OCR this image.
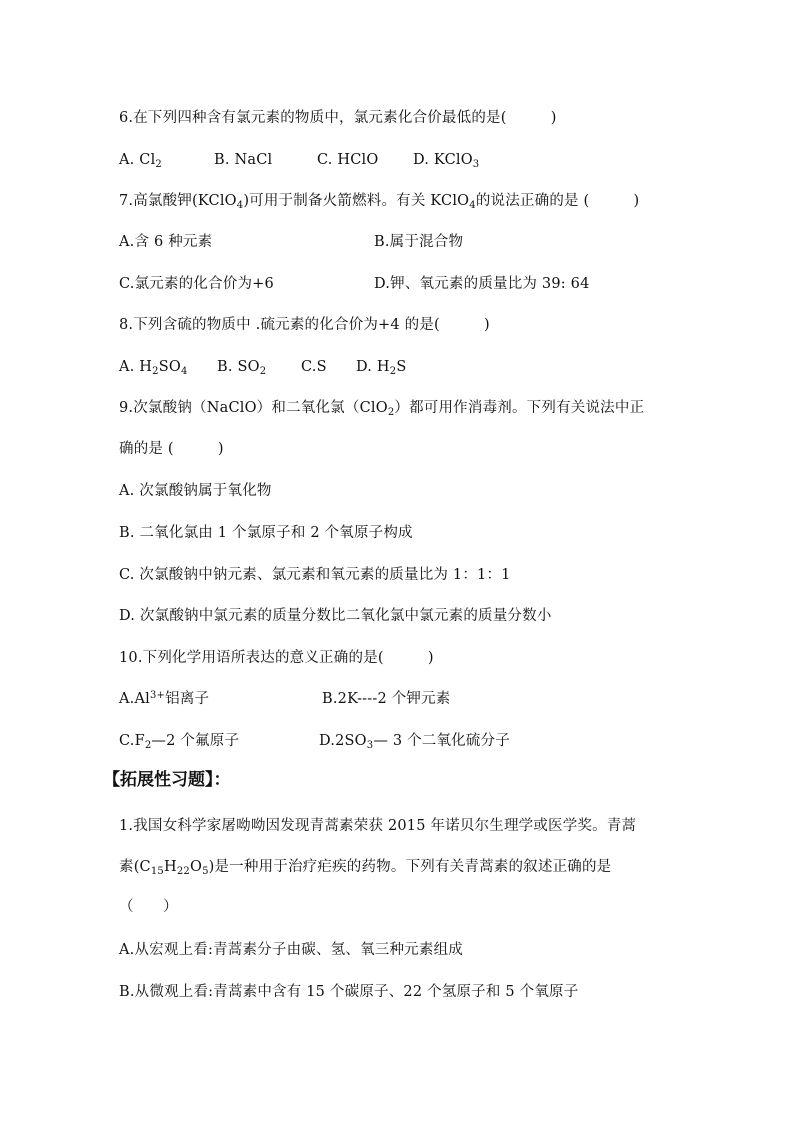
6.在下列四种含有氯元素的物质中，氯元素化合价最低的是(　　　)
A. $Cl_2$	B. NaCl	C. HClO D. KClO$_3$
7.高氯酸钾(KClO$_4$)可用于制备火箭燃料。有关 KClO$_4$的说法正确的是 (　　　)
A.含 6 种元素	B.属于混合物
C.氯元素的化合价为+6	D.钾、氧元素的质量比为 39: 64
8.下列含硫的物质中 .硫元素的化合价为+4 的是(　　　)
A. $H_2SO_4$ B. $SO_2$ C.S D. $H_2S$
9.次氯酸钠（NaClO）和二氧化氯（ClO$_2$）都可用作消毒剂。下列有关说法中正
确的是 (　　　)
A. 次氯酸钠属于氧化物
B. 二氧化氯由 1 个氯原子和 2 个氧原子构成
C. 次氯酸钠中钠元素、氯元素和氧元素的质量比为 1：1：1
D. 次氯酸钠中氯元素的质量分数比二氧化氯中氯元素的质量分数小
10.下列化学用语所表达的意义正确的是(　　　)
$A.Al^{3+}$铝离子	B.2K----2 个钾元素
$C.F_2—2$ 个氟原子	$D.2SO_3—$ 3 个二氧化硫分子
【拓展性习题】：
1.我国女科学家屠呦呦因发现青蒿素荣获 2015 年诺贝尔生理学或医学奖。青蒿
素$(C_{15}H_{22}O_5)$是一种用于治疗疟疾的药物。下列有关青蒿素的叙述正确的是
（　　）
A.从宏观上看:青蒿素分子由碳、氢、氧三种元素组成
B.从微观上看:青蒿素中含有 15 个碳原子、22 个氢原子和 5 个氧原子
